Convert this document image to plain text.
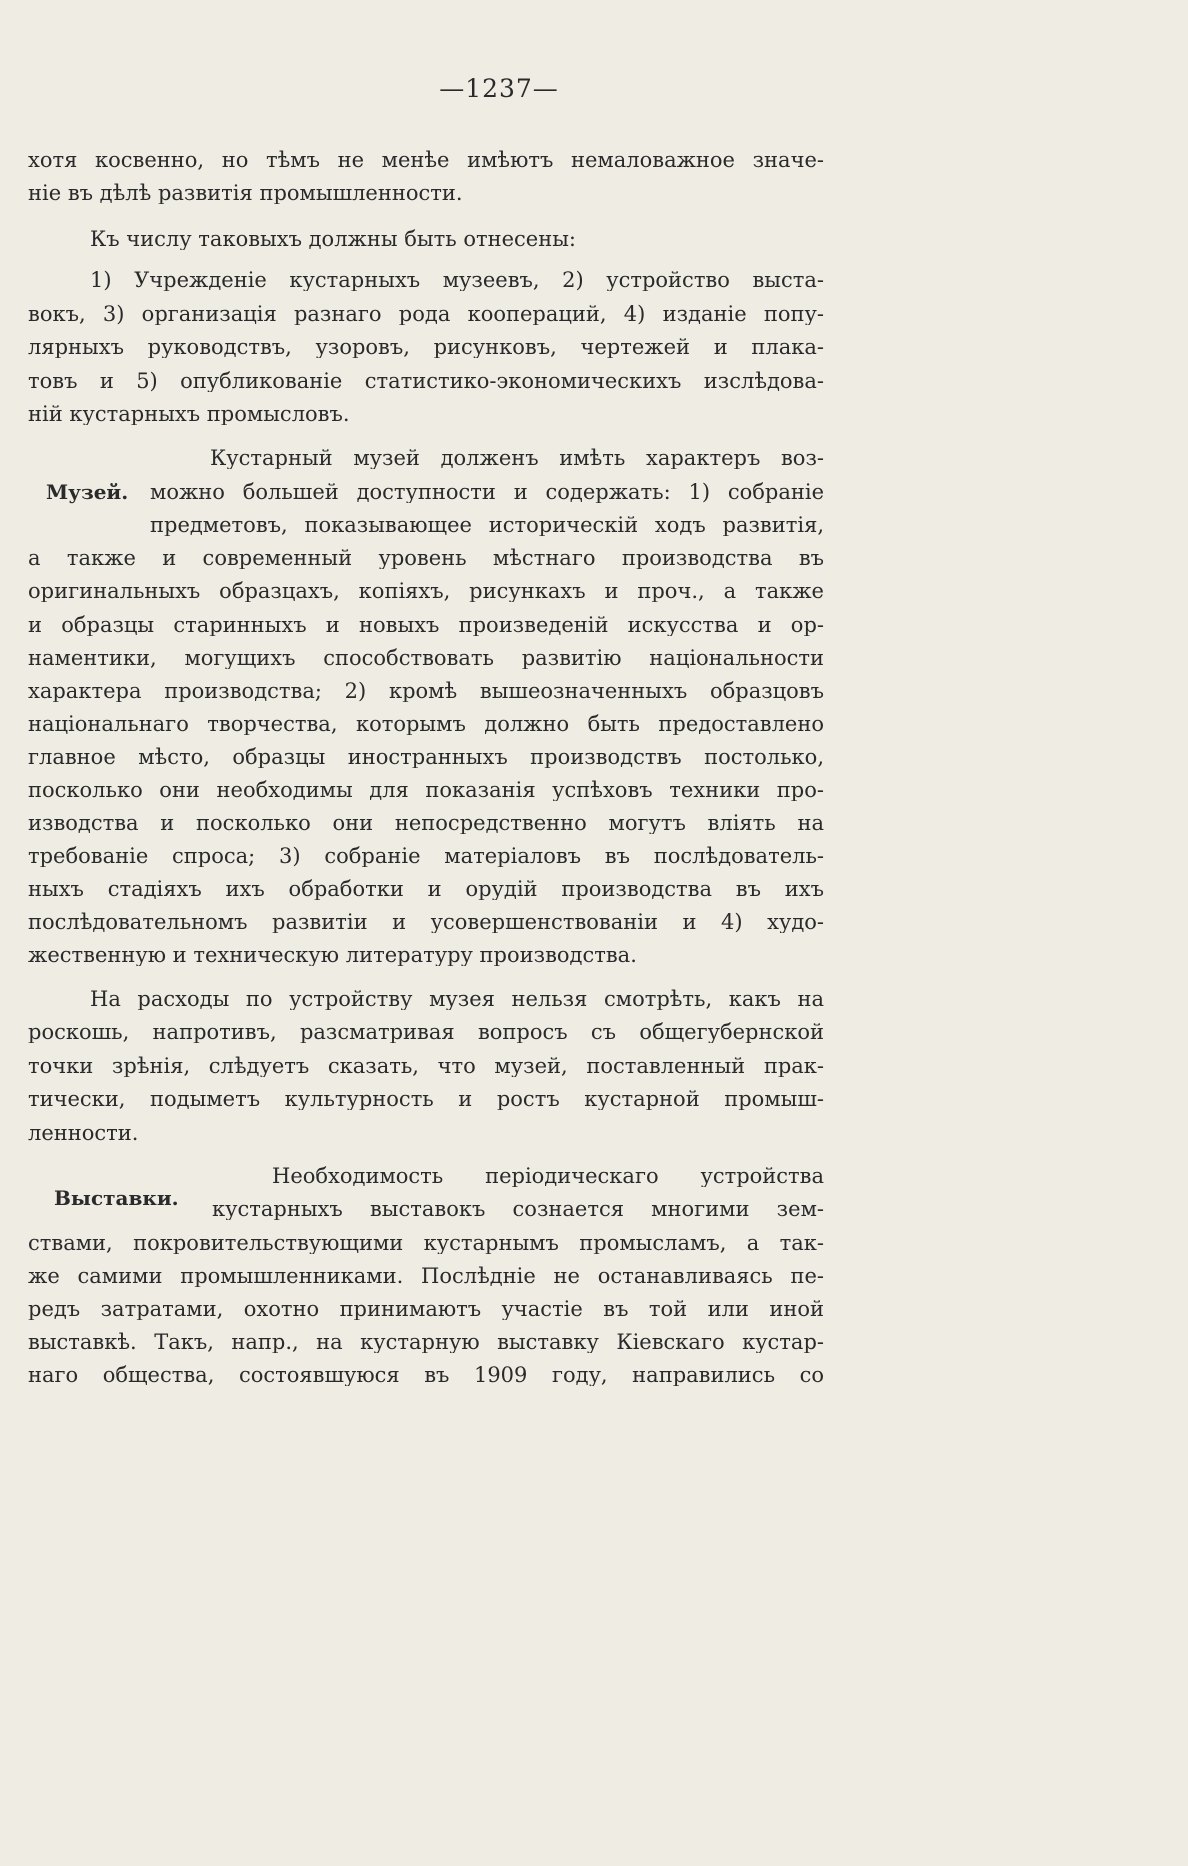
—1237—
Музей.
Выставки.
хотя косвенно, но тѣмъ не менѣе имѣютъ немаловажное значе-
ніе въ дѣлѣ развитія промышленности.
Къ числу таковыхъ должны быть отнесены:
1) Учрежденіе кустарныхъ музеевъ, 2) устройство выста-
вокъ, 3) организація разнаго рода коопераций, 4) изданіе попу-
лярныхъ руководствъ, узоровъ, рисунковъ, чертежей и плака-
товъ и 5) опубликованіе статистико-экономическихъ изслѣдова-
ній кустарныхъ промысловъ.
Кустарный музей долженъ имѣть характеръ воз-
можно большей доступности и содержать: 1) собраніе
предметовъ, показывающее историческій ходъ развитія,
а также и современный уровень мѣстнаго производства въ
оригинальныхъ образцахъ, копіяхъ, рисункахъ и проч., а также
и образцы старинныхъ и новыхъ произведеній искусства и ор-
наментики, могущихъ способствовать развитію національности
характера производства; 2) кромѣ вышеозначенныхъ образцовъ
національнаго творчества, которымъ должно быть предоставлено
главное мѣсто, образцы иностранныхъ производствъ постолько,
посколько они необходимы для показанія успѣховъ техники про-
изводства и посколько они непосредственно могутъ вліять на
требованіе спроса; 3) собраніе матеріаловъ въ послѣдователь-
ныхъ стадіяхъ ихъ обработки и орудій производства въ ихъ
послѣдовательномъ развитіи и усовершенствованіи и 4) худо-
жественную и техническую литературу производства.
На расходы по устройству музея нельзя смотрѣть, какъ на
роскошь, напротивъ, разсматривая вопросъ съ общегубернской
точки зрѣнія, слѣдуетъ сказать, что музей, поставленный прак-
тически, подыметъ культурность и ростъ кустарной промыш-
ленности.
Необходимость періодическаго устройства
кустарныхъ выставокъ сознается многими зем-
ствами, покровительствующими кустарнымъ промысламъ, а так-
же самими промышленниками. Послѣдніе не останавливаясь пе-
редъ затратами, охотно принимаютъ участіе въ той или иной
выставкѣ. Такъ, напр., на кустарную выставку Кіевскаго кустар-
наго общества, состоявшуюся въ 1909 году, направились со
